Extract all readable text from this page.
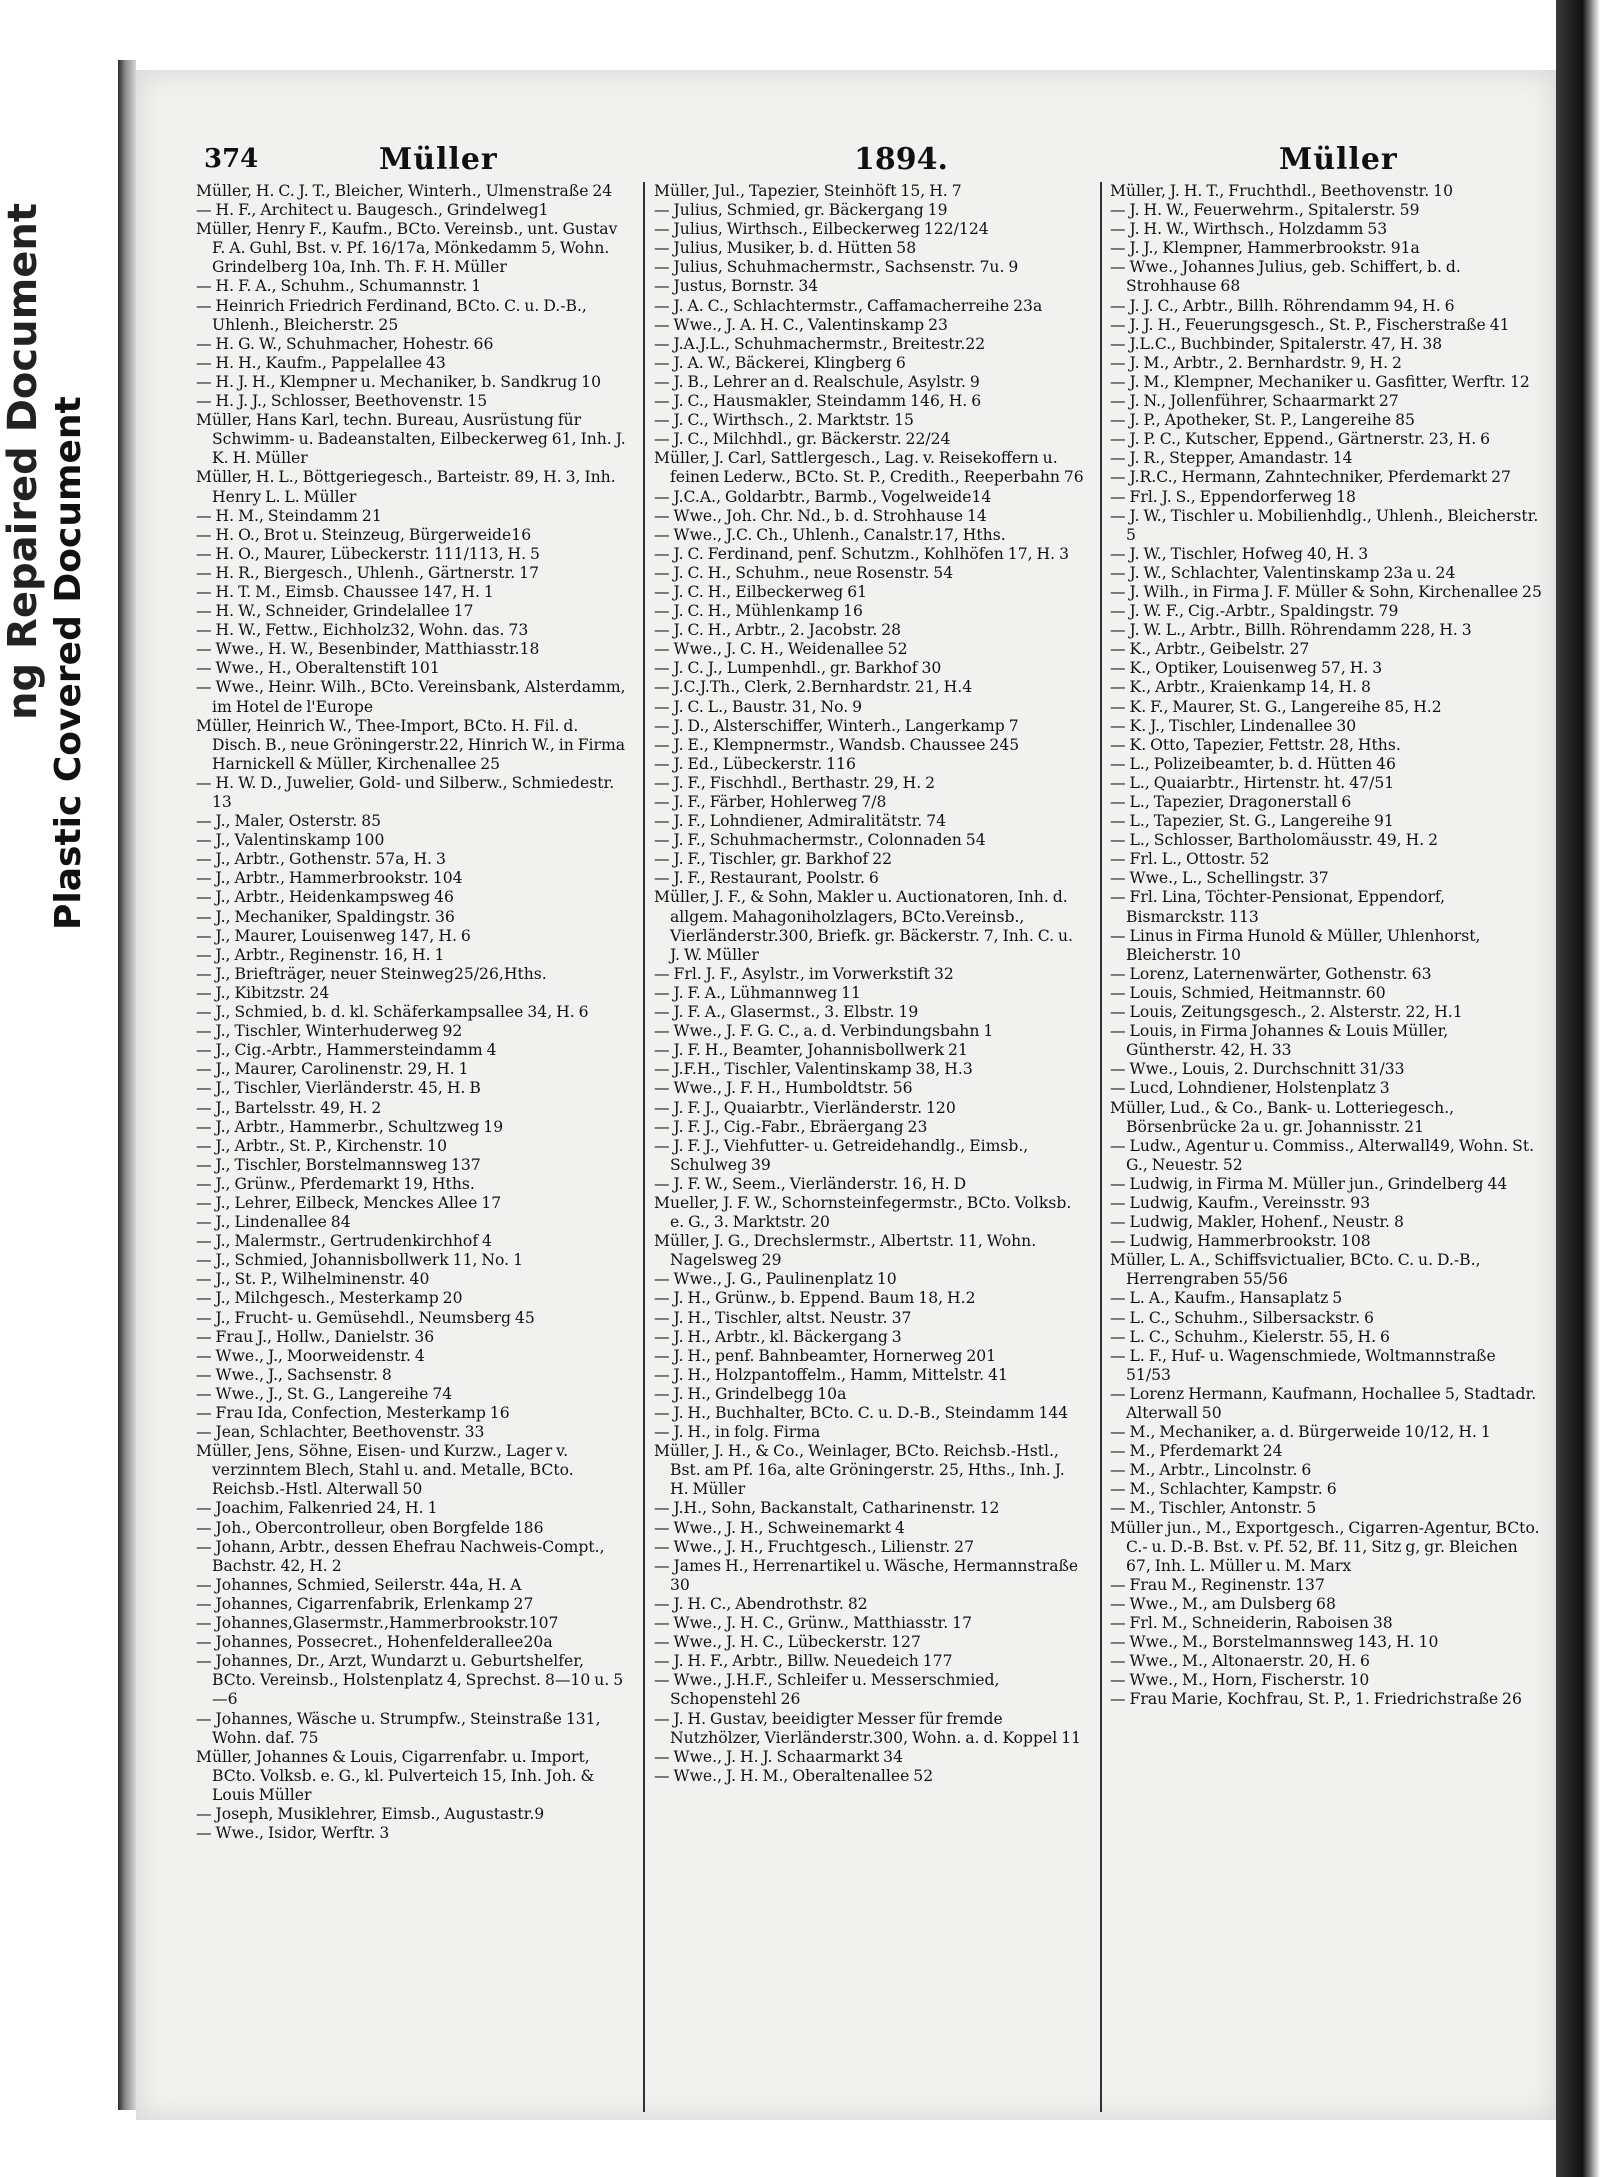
ng Repaired Document Plastic Covered Document
374	Müller	1894.	Müller

Müller, H. C. J. T., Bleicher, Winterh., Ulmenstraße 24

— H. F., Architect u. Baugesch., Grindelweg1

Müller, Henry F., Kaufm., BCto. Vereinsb., unt. Gustav F. A. Guhl, Bst. v. Pf. 16/17a, Mönkedamm 5, Wohn. Grindelberg 10a, Inh. Th. F. H. Müller

— H. F. A., Schuhm., Schumannstr. 1

— Heinrich Friedrich Ferdinand, BCto. C. u. D.-B., Uhlenh., Bleicherstr. 25

— H. G. W., Schuhmacher, Hohestr. 66

— H. H., Kaufm., Pappelallee 43

— H. J. H., Klempner u. Mechaniker, b. Sandkrug 10

— H. J. J., Schlosser, Beethovenstr. 15

Müller, Hans Karl, techn. Bureau, Ausrüstung für Schwimm- u. Badeanstalten, Eilbeckerweg 61, Inh. J. K. H. Müller

Müller, H. L., Böttgeriegesch., Barteistr. 89, H. 3, Inh. Henry L. L. Müller

— H. M., Steindamm 21

— H. O., Brot u. Steinzeug, Bürgerweide16

— H. O., Maurer, Lübeckerstr. 111/113, H. 5

— H. R., Biergesch., Uhlenh., Gärtnerstr. 17

— H. T. M., Eimsb. Chaussee 147, H. 1

— H. W., Schneider, Grindelallee 17

— H. W., Fettw., Eichholz32, Wohn. das. 73

— Wwe., H. W., Besenbinder, Matthiasstr.18

— Wwe., H., Oberaltenstift 101

— Wwe., Heinr. Wilh., BCto. Vereinsbank, Alsterdamm, im Hotel de l'Europe

Müller, Heinrich W., Thee-Import, BCto. H. Fil. d. Disch. B., neue Gröningerstr.22, Hinrich W., in Firma Harnickell & Müller, Kirchenallee 25

— H. W. D., Juwelier, Gold- und Silberw., Schmiedestr. 13

— J., Maler, Osterstr. 85

— J., Valentinskamp 100

— J., Arbtr., Gothenstr. 57a, H. 3

— J., Arbtr., Hammerbrookstr. 104

— J., Arbtr., Heidenkampsweg 46

— J., Mechaniker, Spaldingstr. 36

— J., Maurer, Louisenweg 147, H. 6

— J., Arbtr., Reginenstr. 16, H. 1

— J., Briefträger, neuer Steinweg25/26,Hths.

— J., Kibitzstr. 24

— J., Schmied, b. d. kl. Schäferkampsallee 34, H. 6

— J., Tischler, Winterhuderweg 92

— J., Cig.-Arbtr., Hammersteindamm 4

— J., Maurer, Carolinenstr. 29, H. 1

— J., Tischler, Vierländerstr. 45, H. B

— J., Bartelsstr. 49, H. 2

— J., Arbtr., Hammerbr., Schultzweg 19

— J., Arbtr., St. P., Kirchenstr. 10

— J., Tischler, Borstelmannsweg 137

— J., Grünw., Pferdemarkt 19, Hths.

— J., Lehrer, Eilbeck, Menckes Allee 17

— J., Lindenallee 84

— J., Malermstr., Gertrudenkirchhof 4

— J., Schmied, Johannisbollwerk 11, No. 1

— J., St. P., Wilhelminenstr. 40

— J., Milchgesch., Mesterkamp 20

— J., Frucht- u. Gemüsehdl., Neumsberg 45

— Frau J., Hollw., Danielstr. 36

— Wwe., J., Moorweidenstr. 4

— Wwe., J., Sachsenstr. 8

— Wwe., J., St. G., Langereihe 74

— Frau Ida, Confection, Mesterkamp 16

— Jean, Schlachter, Beethovenstr. 33

Müller, Jens, Söhne, Eisen- und Kurzw., Lager v. verzinntem Blech, Stahl u. and. Metalle, BCto. Reichsb.-Hstl. Alterwall 50

— Joachim, Falkenried 24, H. 1

— Joh., Obercontrolleur, oben Borgfelde 186

— Johann, Arbtr., dessen Ehefrau Nachweis-Compt., Bachstr. 42, H. 2

— Johannes, Schmied, Seilerstr. 44a, H. A

— Johannes, Cigarrenfabrik, Erlenkamp 27

— Johannes,Glasermstr.,Hammerbrookstr.107

— Johannes, Possecret., Hohenfelderallee20a

— Johannes, Dr., Arzt, Wundarzt u. Geburtshelfer, BCto. Vereinsb., Holstenplatz 4, Sprechst. 8—10 u. 5—6

— Johannes, Wäsche u. Strumpfw., Steinstraße 131, Wohn. daf. 75

Müller, Johannes & Louis, Cigarrenfabr. u. Import, BCto. Volksb. e. G., kl. Pulverteich 15, Inh. Joh. & Louis Müller

— Joseph, Musiklehrer, Eimsb., Augustastr.9

— Wwe., Isidor, Werftr. 3

Müller, Jul., Tapezier, Steinhöft 15, H. 7

— Julius, Schmied, gr. Bäckergang 19

— Julius, Wirthsch., Eilbeckerweg 122/124

— Julius, Musiker, b. d. Hütten 58

— Julius, Schuhmachermstr., Sachsenstr. 7u. 9

— Justus, Bornstr. 34

— J. A. C., Schlachtermstr., Caffamacherreihe 23a

— Wwe., J. A. H. C., Valentinskamp 23

— J.A.J.L., Schuhmachermstr., Breitestr.22

— J. A. W., Bäckerei, Klingberg 6

— J. B., Lehrer an d. Realschule, Asylstr. 9

— J. C., Hausmakler, Steindamm 146, H. 6

— J. C., Wirthsch., 2. Marktstr. 15

— J. C., Milchhdl., gr. Bäckerstr. 22/24

Müller, J. Carl, Sattlergesch., Lag. v. Reisekoffern u. feinen Lederw., BCto. St. P., Credith., Reeperbahn 76

— J.C.A., Goldarbtr., Barmb., Vogelweide14

— Wwe., Joh. Chr. Nd., b. d. Strohhause 14

— Wwe., J.C. Ch., Uhlenh., Canalstr.17, Hths.

— J. C. Ferdinand, penf. Schutzm., Kohlhöfen 17, H. 3

— J. C. H., Schuhm., neue Rosenstr. 54

— J. C. H., Eilbeckerweg 61

— J. C. H., Mühlenkamp 16

— J. C. H., Arbtr., 2. Jacobstr. 28

— Wwe., J. C. H., Weidenallee 52

— J. C. J., Lumpenhdl., gr. Barkhof 30

— J.C.J.Th., Clerk, 2.Bernhardstr. 21, H.4

— J. C. L., Baustr. 31, No. 9

— J. D., Alsterschiffer, Winterh., Langerkamp 7

— J. E., Klempnermstr., Wandsb. Chaussee 245

— J. Ed., Lübeckerstr. 116

— J. F., Fischhdl., Berthastr. 29, H. 2

— J. F., Färber, Hohlerweg 7/8

— J. F., Lohndiener, Admiralitätstr. 74

— J. F., Schuhmachermstr., Colonnaden 54

— J. F., Tischler, gr. Barkhof 22

— J. F., Restaurant, Poolstr. 6

Müller, J. F., & Sohn, Makler u. Auctionatoren, Inh. d. allgem. Mahagoniholzlagers, BCto.Vereinsb., Vierländerstr.300, Briefk. gr. Bäckerstr. 7, Inh. C. u. J. W. Müller

— Frl. J. F., Asylstr., im Vorwerkstift 32

— J. F. A., Lühmannweg 11

— J. F. A., Glasermst., 3. Elbstr. 19

— Wwe., J. F. G. C., a. d. Verbindungsbahn 1

— J. F. H., Beamter, Johannisbollwerk 21

— J.F.H., Tischler, Valentinskamp 38, H.3

— Wwe., J. F. H., Humboldtstr. 56

— J. F. J., Quaiarbtr., Vierländerstr. 120

— J. F. J., Cig.-Fabr., Ebräergang 23

— J. F. J., Viehfutter- u. Getreidehandlg., Eimsb., Schulweg 39

— J. F. W., Seem., Vierländerstr. 16, H. D

Mueller, J. F. W., Schornsteinfegermstr., BCto. Volksb. e. G., 3. Marktstr. 20

Müller, J. G., Drechslermstr., Albertstr. 11, Wohn. Nagelsweg 29

— Wwe., J. G., Paulinenplatz 10

— J. H., Grünw., b. Eppend. Baum 18, H.2

— J. H., Tischler, altst. Neustr. 37

— J. H., Arbtr., kl. Bäckergang 3

— J. H., penf. Bahnbeamter, Hornerweg 201

— J. H., Holzpantoffelm., Hamm, Mittelstr. 41

— J. H., Grindelbegg 10a

— J. H., Buchhalter, BCto. C. u. D.-B., Steindamm 144

— J. H., in folg. Firma

Müller, J. H., & Co., Weinlager, BCto. Reichsb.-Hstl., Bst. am Pf. 16a, alte Gröningerstr. 25, Hths., Inh. J. H. Müller

— J.H., Sohn, Backanstalt, Catharinenstr. 12

— Wwe., J. H., Schweinemarkt 4

— Wwe., J. H., Fruchtgesch., Lilienstr. 27

— James H., Herrenartikel u. Wäsche, Hermannstraße 30

— J. H. C., Abendrothstr. 82

— Wwe., J. H. C., Grünw., Matthiasstr. 17

— Wwe., J. H. C., Lübeckerstr. 127

— J. H. F., Arbtr., Billw. Neuedeich 177

— Wwe., J.H.F., Schleifer u. Messerschmied, Schopenstehl 26

— J. H. Gustav, beeidigter Messer für fremde Nutzhölzer, Vierländerstr.300, Wohn. a. d. Koppel 11

— Wwe., J. H. J. Schaarmarkt 34

— Wwe., J. H. M., Oberaltenallee 52

Müller, J. H. T., Fruchthdl., Beethovenstr. 10

— J. H. W., Feuerwehrm., Spitalerstr. 59

— J. H. W., Wirthsch., Holzdamm 53

— J. J., Klempner, Hammerbrookstr. 91a

— Wwe., Johannes Julius, geb. Schiffert, b. d. Strohhause 68

— J. J. C., Arbtr., Billh. Röhrendamm 94, H. 6

— J. J. H., Feuerungsgesch., St. P., Fischerstraße 41

— J.L.C., Buchbinder, Spitalerstr. 47, H. 38

— J. M., Arbtr., 2. Bernhardstr. 9, H. 2

— J. M., Klempner, Mechaniker u. Gasfitter, Werftr. 12

— J. N., Jollenführer, Schaarmarkt 27

— J. P., Apotheker, St. P., Langereihe 85

— J. P. C., Kutscher, Eppend., Gärtnerstr. 23, H. 6

— J. R., Stepper, Amandastr. 14

— J.R.C., Hermann, Zahntechniker, Pferdemarkt 27

— Frl. J. S., Eppendorferweg 18

— J. W., Tischler u. Mobilienhdlg., Uhlenh., Bleicherstr. 5

— J. W., Tischler, Hofweg 40, H. 3

— J. W., Schlachter, Valentinskamp 23a u. 24

— J. Wilh., in Firma J. F. Müller & Sohn, Kirchenallee 25

— J. W. F., Cig.-Arbtr., Spaldingstr. 79

— J. W. L., Arbtr., Billh. Röhrendamm 228, H. 3

— K., Arbtr., Geibelstr. 27

— K., Optiker, Louisenweg 57, H. 3

— K., Arbtr., Kraienkamp 14, H. 8

— K. F., Maurer, St. G., Langereihe 85, H.2

— K. J., Tischler, Lindenallee 30

— K. Otto, Tapezier, Fettstr. 28, Hths.

— L., Polizeibeamter, b. d. Hütten 46

— L., Quaiarbtr., Hirtenstr. ht. 47/51

— L., Tapezier, Dragonerstall 6

— L., Tapezier, St. G., Langereihe 91

— L., Schlosser, Bartholomäusstr. 49, H. 2

— Frl. L., Ottostr. 52

— Wwe., L., Schellingstr. 37

— Frl. Lina, Töchter-Pensionat, Eppendorf, Bismarckstr. 113

— Linus in Firma Hunold & Müller, Uhlenhorst, Bleicherstr. 10

— Lorenz, Laternenwärter, Gothenstr. 63

— Louis, Schmied, Heitmannstr. 60

— Louis, Zeitungsgesch., 2. Alsterstr. 22, H.1

— Louis, in Firma Johannes & Louis Müller, Güntherstr. 42, H. 33

— Wwe., Louis, 2. Durchschnitt 31/33

— Lucd, Lohndiener, Holstenplatz 3

Müller, Lud., & Co., Bank- u. Lotteriegesch., Börsenbrücke 2a u. gr. Johannisstr. 21

— Ludw., Agentur u. Commiss., Alterwall49, Wohn. St. G., Neuestr. 52

— Ludwig, in Firma M. Müller jun., Grindelberg 44

— Ludwig, Kaufm., Vereinsstr. 93

— Ludwig, Makler, Hohenf., Neustr. 8

— Ludwig, Hammerbrookstr. 108

Müller, L. A., Schiffsvictualier, BCto. C. u. D.-B., Herrengraben 55/56

— L. A., Kaufm., Hansaplatz 5

— L. C., Schuhm., Silbersackstr. 6

— L. C., Schuhm., Kielerstr. 55, H. 6

— L. F., Huf- u. Wagenschmiede, Woltmannstraße 51/53

— Lorenz Hermann, Kaufmann, Hochallee 5, Stadtadr. Alterwall 50

— M., Mechaniker, a. d. Bürgerweide 10/12, H. 1

— M., Pferdemarkt 24

— M., Arbtr., Lincolnstr. 6

— M., Schlachter, Kampstr. 6

— M., Tischler, Antonstr. 5

Müller jun., M., Exportgesch., Cigarren-Agentur, BCto. C.- u. D.-B. Bst. v. Pf. 52, Bf. 11, Sitz g, gr. Bleichen 67, Inh. L. Müller u. M. Marx

— Frau M., Reginenstr. 137

— Wwe., M., am Dulsberg 68

— Frl. M., Schneiderin, Raboisen 38

— Wwe., M., Borstelmannsweg 143, H. 10

— Wwe., M., Altonaerstr. 20, H. 6

— Wwe., M., Horn, Fischerstr. 10

— Frau Marie, Kochfrau, St. P., 1. Friedrichstraße 26
